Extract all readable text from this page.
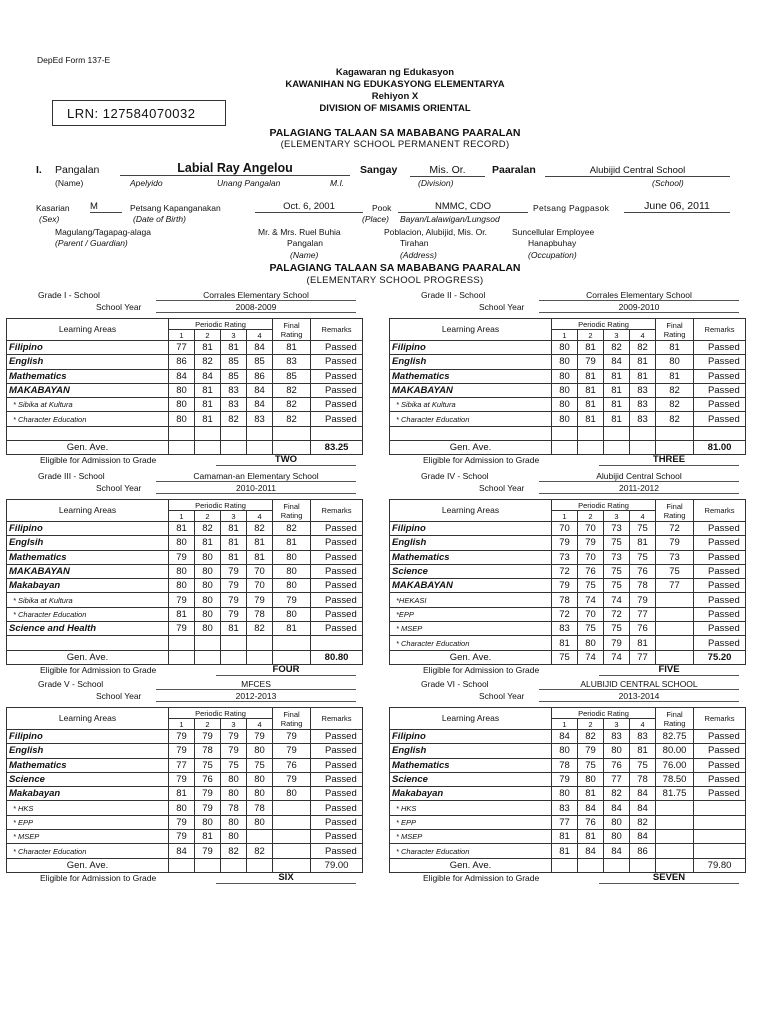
DepEd Form 137-E
Kagawaran ng Edukasyon
KAWANIHAN NG EDUKASYONG ELEMENTARYA
Rehiyon X
DIVISION OF MISAMIS ORIENTAL
LRN: 127584070032
PALAGIANG TALAAN SA MABABANG PAARALAN
(ELEMENTARY SCHOOL PERMANENT RECORD)
I. Pangalan	Labial Ray Angelou	Sangay	Mis. Or.	Paaralan	Alubijid Central School
(Name)	Apelyido	Unang Pangalan	M.I.	(Division)	(School)
Kasarian M	Petsang Kapanganakan	Oct. 6, 2001	Pook	NMMC, CDO	Petsang Pagpasok	June 06, 2011
(Sex)	(Date of Birth)	(Place) Bayan/Lalawigan/Lungsod
Magulang/Tagapag-alaga	Mr. & Mrs. Ruel Buhia	Poblacion, Alubijid, Mis. Or.	Suncellular Employee
(Parent / Guardian)	Pangalan	Tirahan	Hanapbuhay
(Name)	(Address)	(Occupation)
PALAGIANG TALAAN SA MABABANG PAARALAN
(ELEMENTARY SCHOOL PROGRESS)
Grade I - School	Corrales Elementary School
School Year	2008-2009
Learning Areas	Periodic Rating				Final Rating	Remarks
	1	2	3	4		
Filipino	77	81	81	84	81	Passed
English	86	82	85	85	83	Passed
Mathematics	84	84	85	86	85	Passed
MAKABAYAN	80	81	83	84	82	Passed
* Sibika at Kultura	80	81	83	84	82	Passed
* Character Education	80	81	82	83	82	Passed

Gen. Ave.						83.25
Eligible for Admission to Grade	TWO
Grade II - School	Corrales Elementary School
School Year	2009-2010
Learning Areas	Periodic Rating				Final Rating	Remarks
	1	2	3	4		
Filipino	80	81	82	82	81	Passed
English	80	79	84	81	80	Passed
Mathematics	80	81	81	81	81	Passed
MAKABAYAN	80	81	81	83	82	Passed
* Sibika at Kultura	80	81	81	83	82	Passed
* Character Education	80	81	81	83	82	Passed

Gen. Ave.						81.00
Eligible for Admission to Grade	THREE
Grade III - School	Camaman-an Elementary School
School Year	2010-2011
Learning Areas	Periodic Rating				Final Rating	Remarks
	1	2	3	4		
Filipino	81	82	81	82	82	Passed
Englsih	80	81	81	81	81	Passed
Mathematics	79	80	81	81	80	Passed
MAKABAYAN	80	80	79	70	80	Passed
Makabayan	80	80	79	70	80	Passed
* Sibika at Kultura	79	80	79	79	79	Passed
* Character Education	81	80	79	78	80	Passed
Science and Health	79	80	81	82	81	Passed

Gen. Ave.						80.80
Eligible for Admission to Grade	FOUR
Grade IV - School	Alubijid Central School
School Year	2011-2012
Learning Areas	Periodic Rating				Final Rating	Remarks
	1	2	3	4		
Filipino	70	70	73	75	72	Passed
English	79	79	75	81	79	Passed
Mathematics	73	70	73	75	73	Passed
Science	72	76	75	76	75	Passed
MAKABAYAN	79	75	75	78	77	Passed
*HEKASI	78	74	74	79		Passed
*EPP	72	70	72	77		Passed
* MSEP	83	75	75	76		Passed
* Character Education	81	80	79	81		Passed
Gen. Ave.	75	74	74	77		75.20
Eligible for Admission to Grade	FIVE
Grade V - School	MFCES
School Year	2012-2013
Learning Areas	Periodic Rating				Final Rating	Remarks
	1	2	3	4		
Filipino	79	79	79	79	79	Passed
English	79	78	79	80	79	Passed
Mathematics	77	75	75	75	76	Passed
Science	79	76	80	80	79	Passed
Makabayan	81	79	80	80	80	Passed
* HKS	80	79	78	78		Passed
* EPP	79	80	80	80		Passed
* MSEP	79	81	80			Passed
* Character Education	84	79	82	82		Passed
Gen. Ave.						79.00
Eligible for Admission to Grade	SIX
Grade VI - School	ALUBIJID CENTRAL SCHOOL
School Year	2013-2014
Learning Areas	Periodic Rating				Final Rating	Remarks
	1	2	3	4		
Filipino	84	82	83	83	82.75	Passed
English	80	79	80	81	80.00	Passed
Mathematics	78	75	76	75	76.00	Passed
Science	79	80	77	78	78.50	Passed
Makabayan	80	81	82	84	81.75	Passed
* HKS	83	84	84	84		
* EPP	77	76	80	82		
* MSEP	81	81	80	84		
* Character Education	81	84	84	86		
Gen. Ave.						79.80
Eligible for Admission to Grade	SEVEN
